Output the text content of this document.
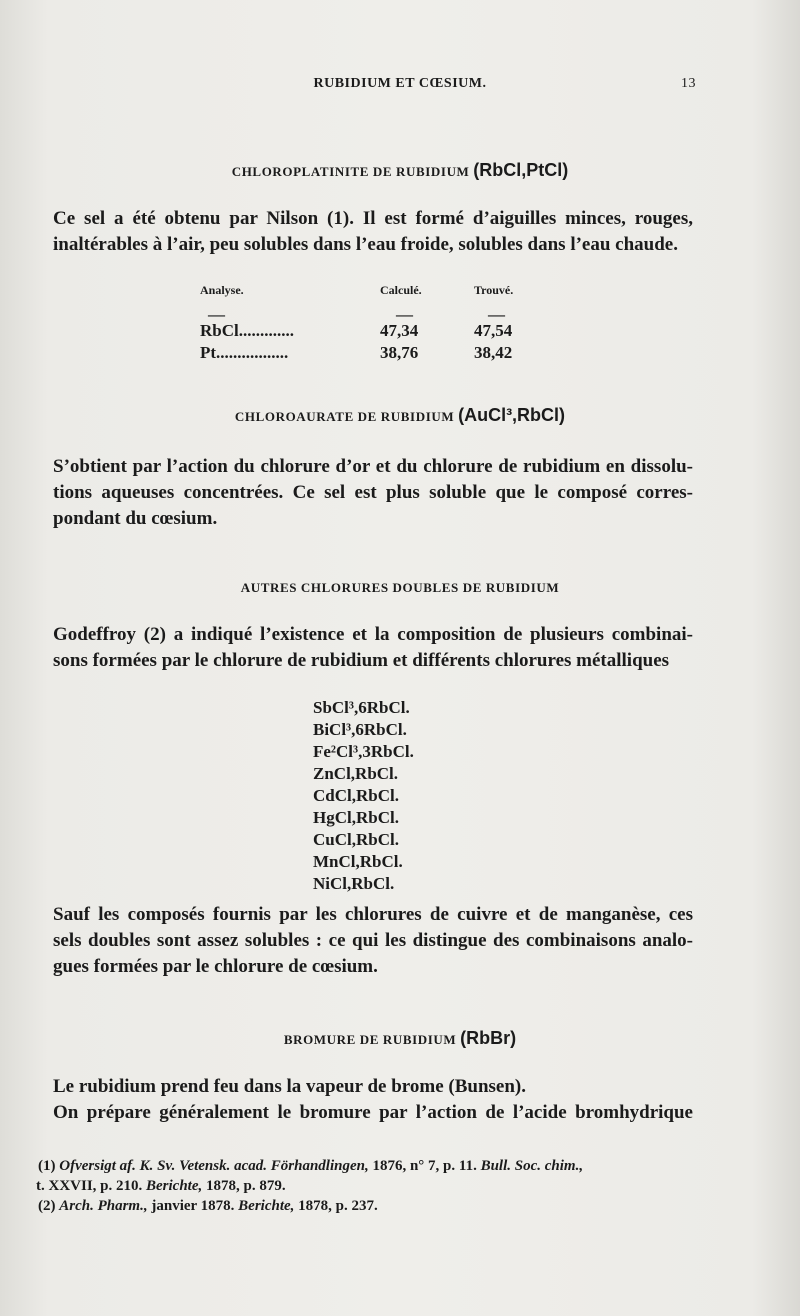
RUBIDIUM ET CŒSIUM.	13
CHLOROPLATINITE DE RUBIDIUM (RbCl,PtCl)
Ce sel a été obtenu par Nilson (1). Il est formé d’aiguilles minces, rouges,
inaltérables à l’air, peu solubles dans l’eau froide, solubles dans l’eau chaude.
Analyse.	Calculé.	Trouvé.
—	—	—
RbCl.............	47,34	47,54
Pt.................	38,76	38,42
CHLOROAURATE DE RUBIDIUM (AuCl³,RbCl)
S’obtient par l’action du chlorure d’or et du chlorure de rubidium en dissolu-
tions aqueuses concentrées. Ce sel est plus soluble que le composé corres-
pondant du cœsium.
AUTRES CHLORURES DOUBLES DE RUBIDIUM
Godeffroy (2) a indiqué l’existence et la composition de plusieurs combinai-
sons formées par le chlorure de rubidium et différents chlorures métalliques
SbCl³,6RbCl.
BiCl³,6RbCl.
Fe²Cl³,3RbCl.
ZnCl,RbCl.
CdCl,RbCl.
HgCl,RbCl.
CuCl,RbCl.
MnCl,RbCl.
NiCl,RbCl.
Sauf les composés fournis par les chlorures de cuivre et de manganèse, ces
sels doubles sont assez solubles : ce qui les distingue des combinaisons analo-
gues formées par le chlorure de cœsium.
BROMURE DE RUBIDIUM (RbBr)
Le rubidium prend feu dans la vapeur de brome (Bunsen).
On prépare généralement le bromure par l’action de l’acide bromhydrique
(1) Ofversigt af. K. Sv. Vetensk. acad. Förhandlingen, 1876, n° 7, p. 11. Bull. Soc. chim.,
t. XXVII, p. 210. Berichte, 1878, p. 879.
(2) Arch. Pharm., janvier 1878. Berichte, 1878, p. 237.
